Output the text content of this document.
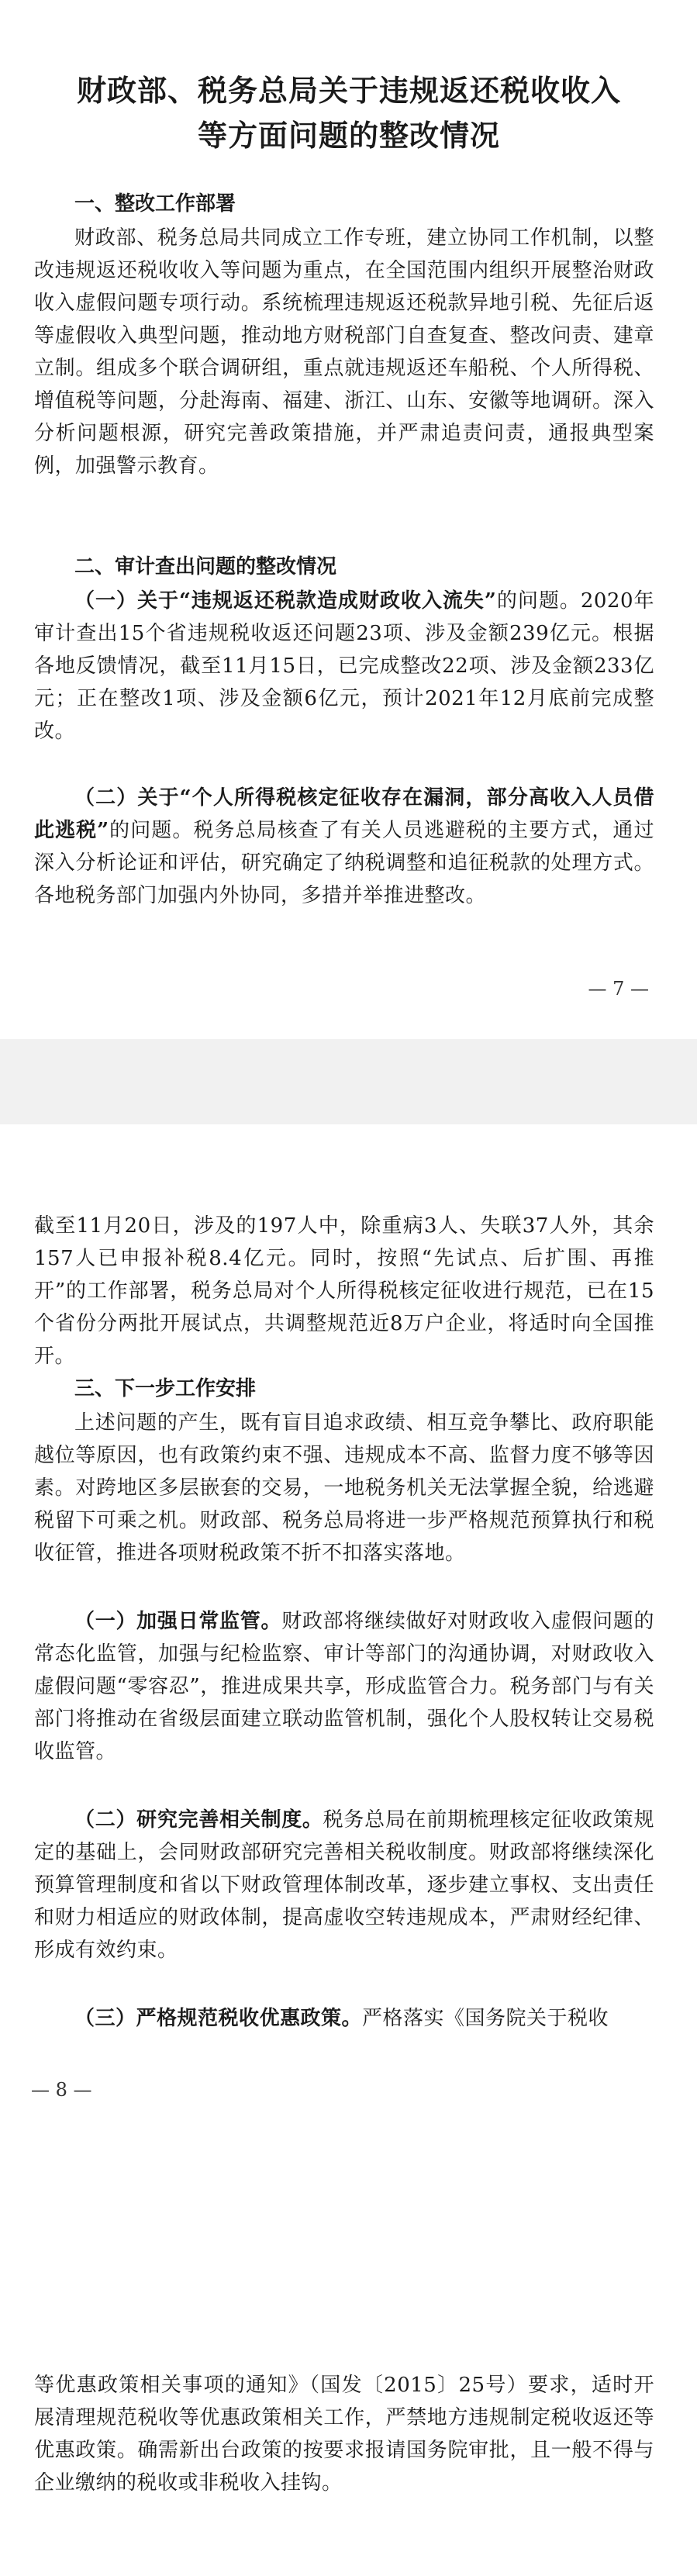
财政部、税务总局关于违规返还税收收入
等方面问题的整改情况
一、整改工作部署

财政部、税务总局共同成立工作专班，建立协同工作机制，以整改违规返还税收收入等问题为重点，在全国范围内组织开展整治财政收入虚假问题专项行动。系统梳理违规返还税款异地引税、先征后返等虚假收入典型问题，推动地方财税部门自查复查、整改问责、建章立制。组成多个联合调研组，重点就违规返还车船税、个人所得税、增值税等问题，分赴海南、福建、浙江、山东、安徽等地调研。深入分析问题根源，研究完善政策措施，并严肃追责问责，通报典型案例，加强警示教育。

二、审计查出问题的整改情况

（一）关于“违规返还税款造成财政收入流失”的问题。2020年审计查出15个省违规税收返还问题23项、涉及金额239亿元。根据各地反馈情况，截至11月15日，已完成整改22项、涉及金额233亿元；正在整改1项、涉及金额6亿元，预计2021年12月底前完成整改。

（二）关于“个人所得税核定征收存在漏洞，部分高收入人员借此逃税”的问题。税务总局核查了有关人员逃避税的主要方式，通过深入分析论证和评估，研究确定了纳税调整和追征税款的处理方式。各地税务部门加强内外协同，多措并举推进整改。

— 7 —

截至11月20日，涉及的197人中，除重病3人、失联37人外，其余157人已申报补税8.4亿元。同时，按照“先试点、后扩围、再推开”的工作部署，税务总局对个人所得税核定征收进行规范，已在15个省份分两批开展试点，共调整规范近8万户企业，将适时向全国推开。

三、下一步工作安排

上述问题的产生，既有盲目追求政绩、相互竞争攀比、政府职能越位等原因，也有政策约束不强、违规成本不高、监督力度不够等因素。对跨地区多层嵌套的交易，一地税务机关无法掌握全貌，给逃避税留下可乘之机。财政部、税务总局将进一步严格规范预算执行和税收征管，推进各项财税政策不折不扣落实落地。

（一）加强日常监管。财政部将继续做好对财政收入虚假问题的常态化监管，加强与纪检监察、审计等部门的沟通协调，对财政收入虚假问题“零容忍”，推进成果共享，形成监管合力。税务部门与有关部门将推动在省级层面建立联动监管机制，强化个人股权转让交易税收监管。

（二）研究完善相关制度。税务总局在前期梳理核定征收政策规定的基础上，会同财政部研究完善相关税收制度。财政部将继续深化预算管理制度和省以下财政管理体制改革，逐步建立事权、支出责任和财力相适应的财政体制，提高虚收空转违规成本，严肃财经纪律、形成有效约束。

（三）严格规范税收优惠政策。严格落实《国务院关于税收

— 8 —

等优惠政策相关事项的通知》（国发〔2015〕25号）要求，适时开展清理规范税收等优惠政策相关工作，严禁地方违规制定税收返还等优惠政策。确需新出台政策的按要求报请国务院审批，且一般不得与企业缴纳的税收或非税收入挂钩。
